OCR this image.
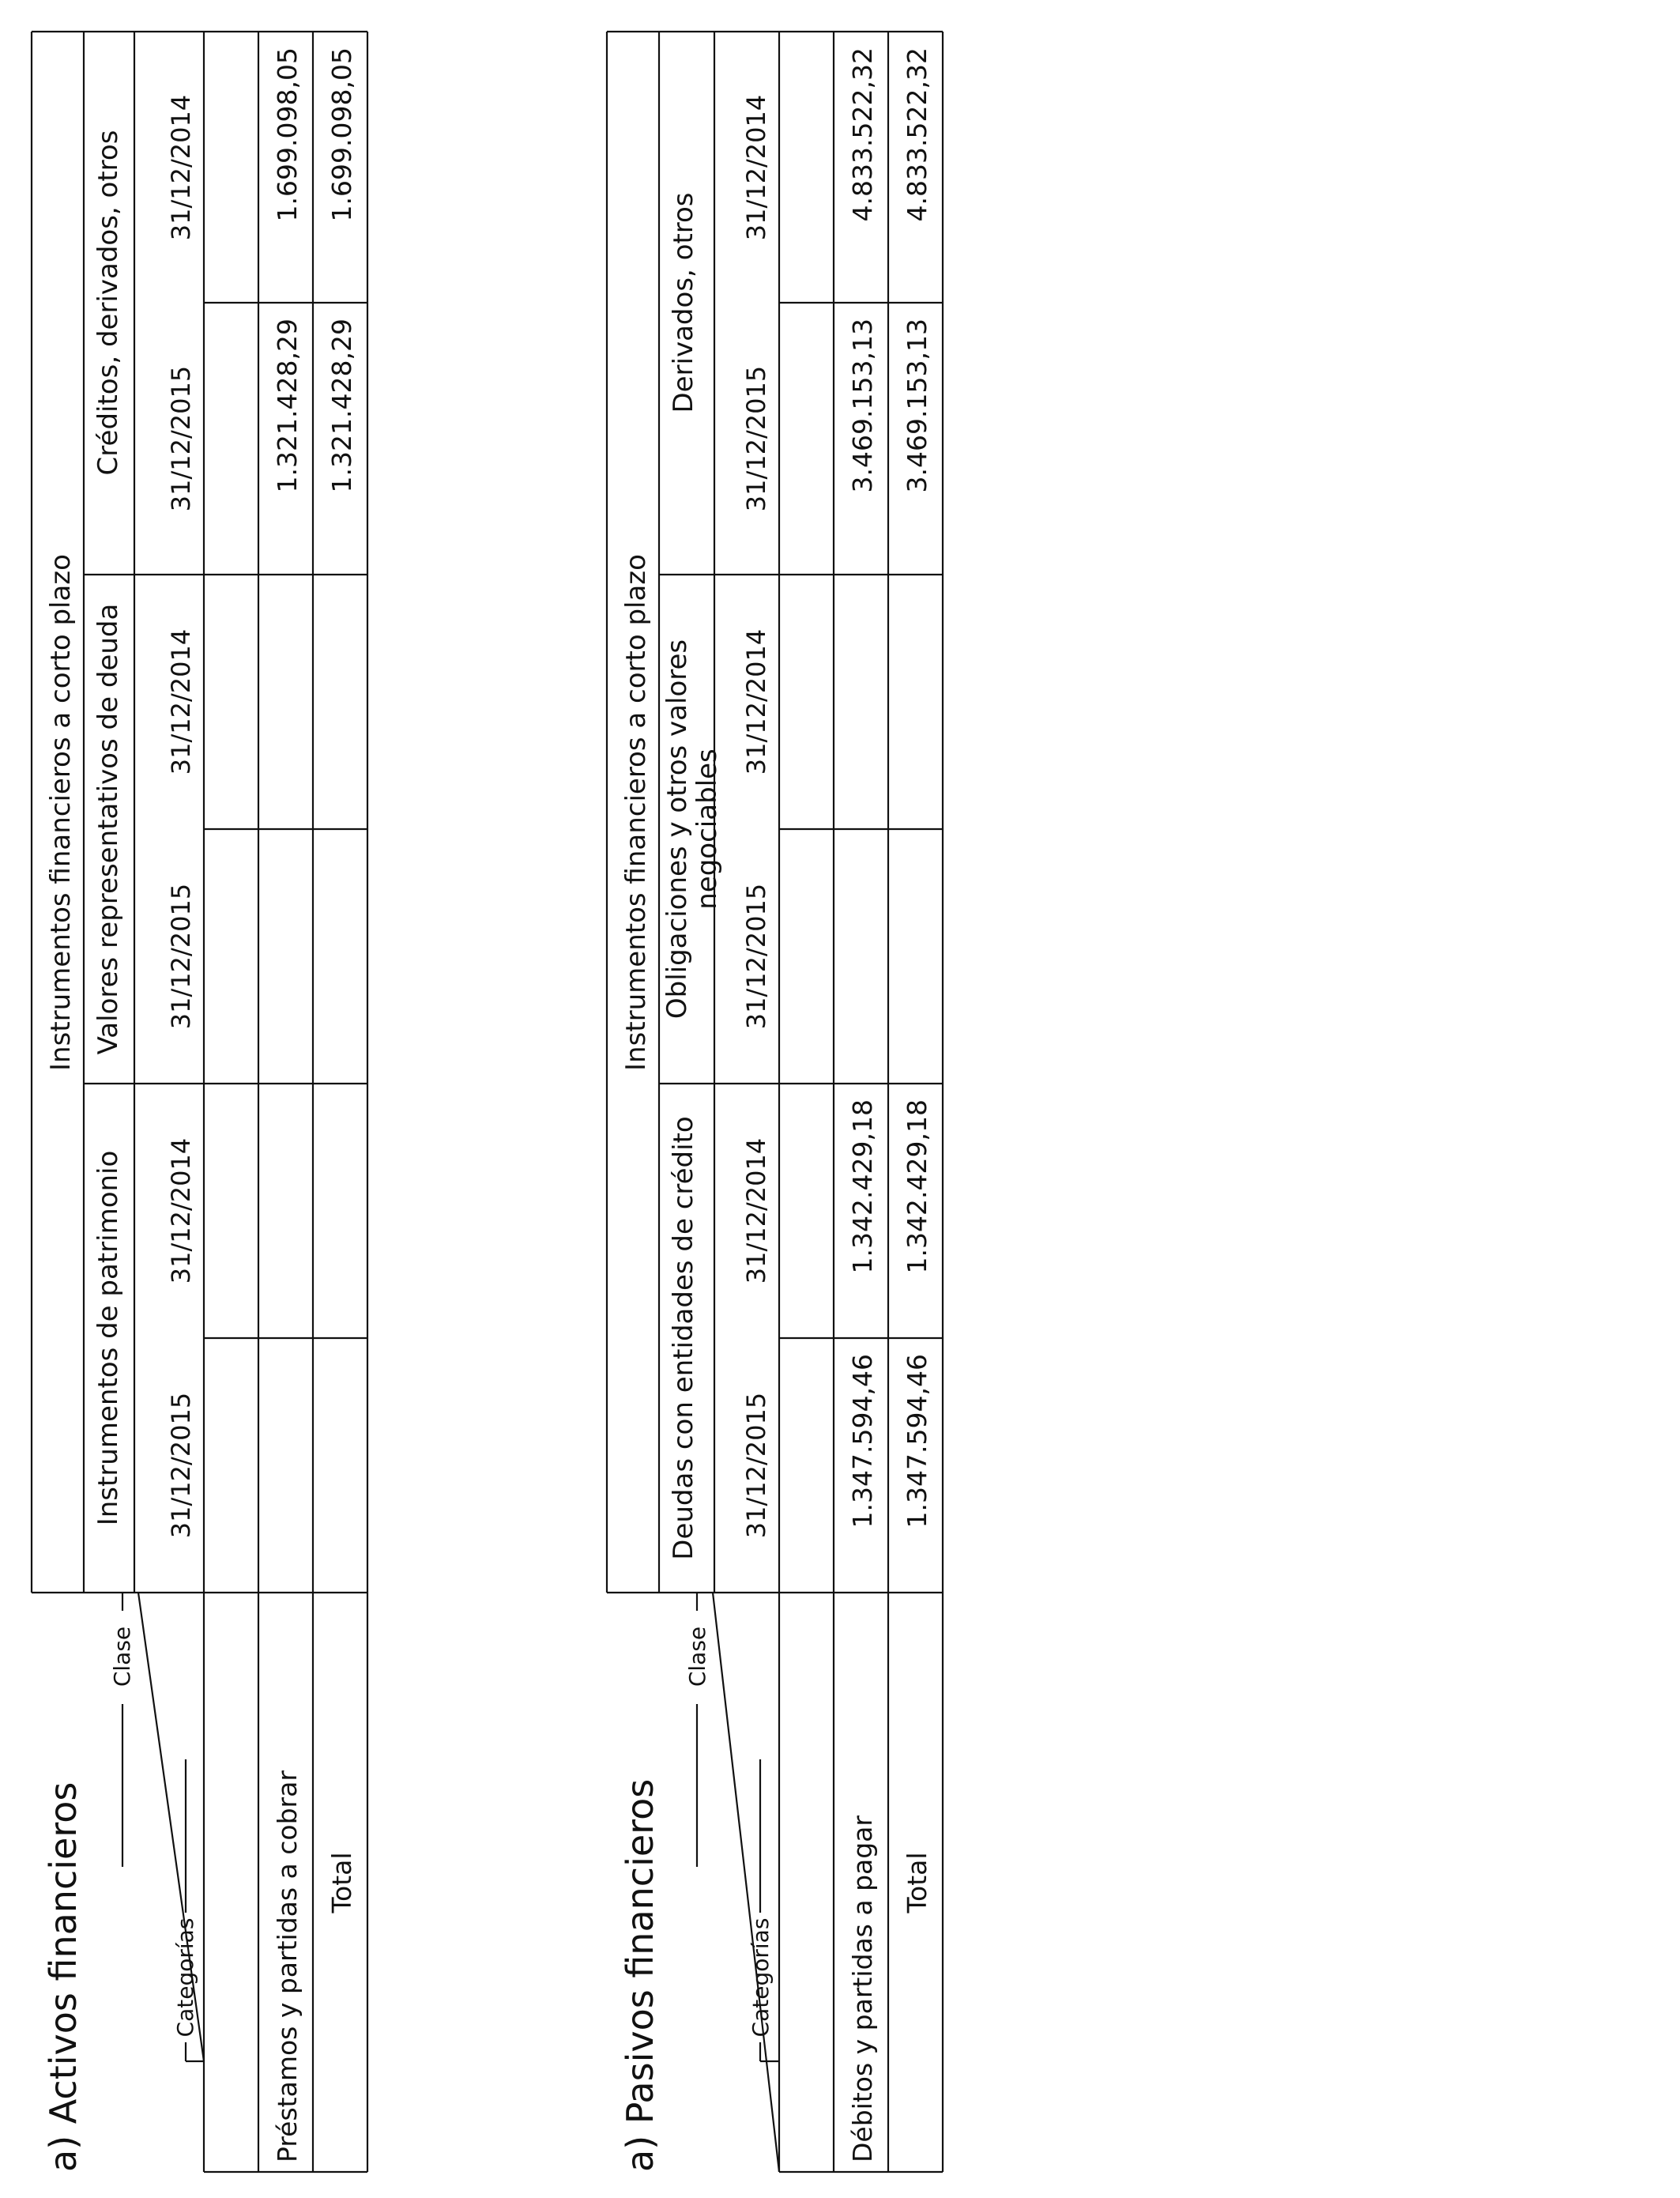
a) Activos financieros
Clase
Categorías
Instrumentos financieros a corto plazo
Instrumentos de patrimonio
Valores representativos de deuda
Créditos, derivados, otros
31/12/2015
31/12/2014
31/12/2015
31/12/2014
31/12/2015
31/12/2014
Préstamos y partidas a cobrar
1.321.428,29
1.699.098,05
Total
1.321.428,29
1.699.098,05
a) Pasivos financieros
Clase
Categorías
Instrumentos financieros a corto plazo
Deudas con entidades de crédito
Obligaciones y otros valores
negociables
Derivados, otros
31/12/2015
31/12/2014
31/12/2015
31/12/2014
31/12/2015
31/12/2014
Débitos y partidas a pagar
1.347.594,46
1.342.429,18
3.469.153,13
4.833.522,32
Total
1.347.594,46
1.342.429,18
3.469.153,13
4.833.522,32
